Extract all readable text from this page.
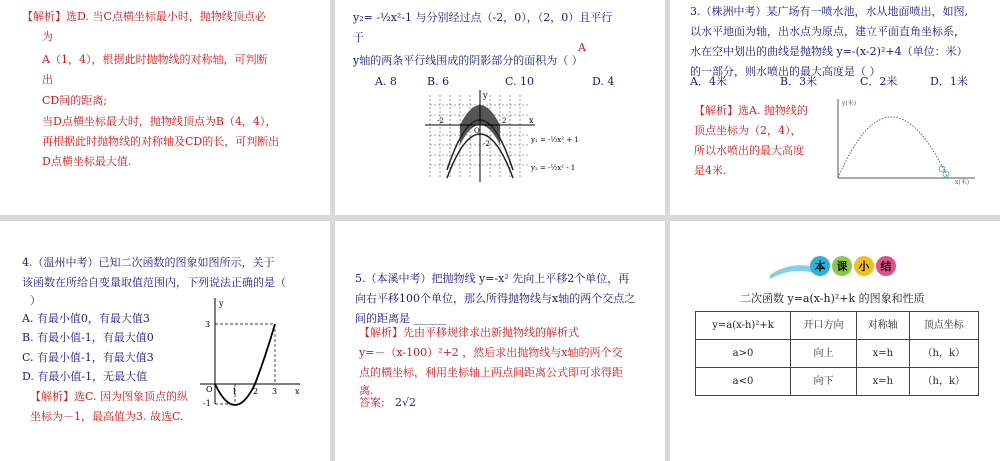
【解析】选D. 当C点横坐标最小时，抛物线顶点必
为
A（1，4），根据此时抛物线的对称轴，可判断
出
CD间的距离;
当D点横坐标最大时，抛物线顶点为B（4，4），
再根据此时抛物线的对称轴及CD的长，可判断出
D点横坐标最大值.
y₂= -½x²-1 与分别经过点（-2，0），（2，0）且平行
于
A
y轴的两条平行线围成的阴影部分的面积为（ ）
A. 8	B. 6	C. 10	D. 4
y
x
O
2
-2
-2	y₁ = -½x² + 1
y₂ = -½x² - 1
3.（株洲中考）某广场有一喷水池，水从地面喷出，如图,
以水平地面为轴，出水点为原点，建立平面直角坐标系，
水在空中划出的曲线是抛物线 y=-(x-2)²+4（单位：米）
的一部分，则水喷出的最大高度是（ ）
A．4米	B．3米	C．2米	D．1米
【解析】选A. 抛物线的
顶点坐标为（2，4），
所以水喷出的最大高度
是4米.
y(米)
x(米)
4.（温州中考）已知二次函数的图象如图所示，关于
该函数在所给自变量取值范围内，下列说法正确的是（
）
A. 有最小值0，有最大值3
B. 有最小值-1，有最大值0
C. 有最小值-1，有最大值3
D. 有最小值-1，无最大值
【解析】选C. 因为图象顶点的纵
坐标为－1，最高值为3. 故选C.
y
x
O
3
-1
1 2 3
5.（本溪中考）把抛物线 y=-x² 先向上平移2个单位，再
向右平移100个单位，那么所得抛物线与x轴的两个交点之
间的距离是 ______
【解析】先由平移规律求出新抛物线的解析式
y=－（x-100）²+2 ，然后求出抛物线与x轴的两个交
点的横坐标，利用坐标轴上两点间距离公式即可求得距
离.
答案: 2√2
本 课 小 结
二次函数 y=a(x-h)²+k 的图象和性质
y=a(x-h)²+k	开口方向	对称轴	顶点坐标
a>0	向上	x=h	（h，k）
a<0	向下	x=h	（h，k）
